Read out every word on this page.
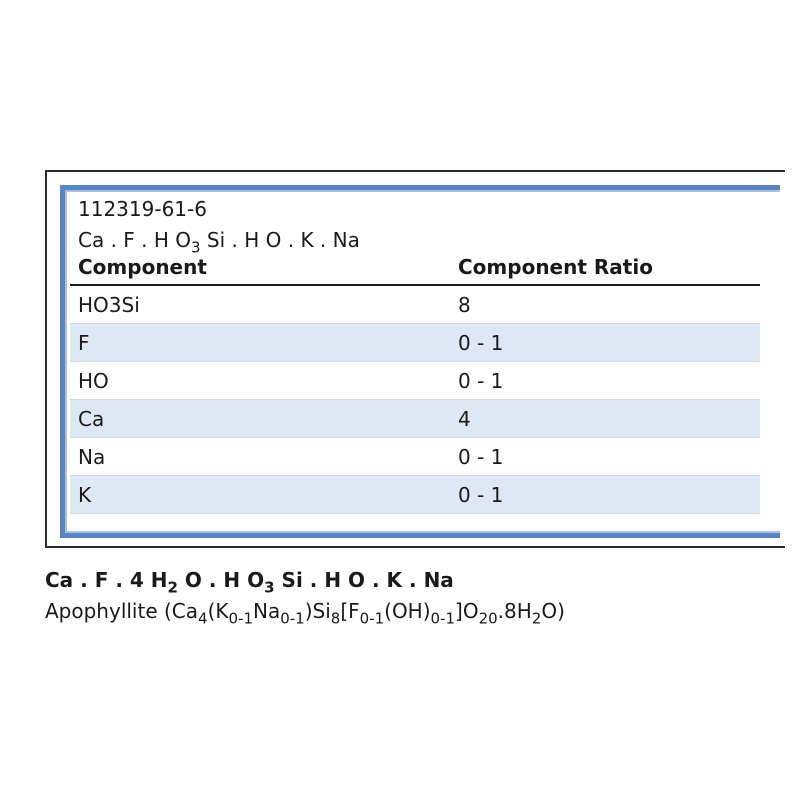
112319-61-6
Ca . F . H $O_3$ Si . H O . K . Na
Component	Component Ratio
HO3Si	8
F	0 - 1
HO	0 - 1
Ca	4
Na	0 - 1
K	0 - 1
Ca . F . 4 $H_2$ O . H $O_3$ Si . H O . K . Na
Apophyllite $(Ca_4(K_{0-1}Na_{0-1})Si_8[F_{0-1}(OH)_{0-1}]O_{20}.8H_2O)$
